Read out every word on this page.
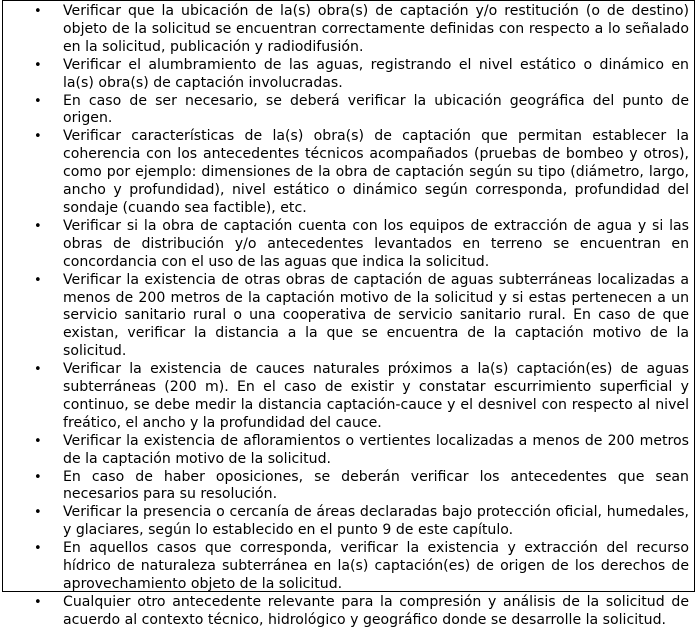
• Verificar que la ubicación de la(s) obra(s) de captación y/o restitución (o de destino) objeto de la solicitud se encuentran correctamente definidas con respecto a lo señalado en la solicitud, publicación y radiodifusión.
• Verificar el alumbramiento de las aguas, registrando el nivel estático o dinámico en la(s) obra(s) de captación involucradas.
• En caso de ser necesario, se deberá verificar la ubicación geográfica del punto de origen.
• Verificar características de la(s) obra(s) de captación que permitan establecer la coherencia con los antecedentes técnicos acompañados (pruebas de bombeo y otros), como por ejemplo: dimensiones de la obra de captación según su tipo (diámetro, largo, ancho y profundidad), nivel estático o dinámico según corresponda, profundidad del sondaje (cuando sea factible), etc.
• Verificar si la obra de captación cuenta con los equipos de extracción de agua y si las obras de distribución y/o antecedentes levantados en terreno se encuentran en concordancia con el uso de las aguas que indica la solicitud.
• Verificar la existencia de otras obras de captación de aguas subterráneas localizadas a menos de 200 metros de la captación motivo de la solicitud y si estas pertenecen a un servicio sanitario rural o una cooperativa de servicio sanitario rural. En caso de que existan, verificar la distancia a la que se encuentra de la captación motivo de la solicitud.
• Verificar la existencia de cauces naturales próximos a la(s) captación(es) de aguas subterráneas (200 m). En el caso de existir y constatar escurrimiento superficial y continuo, se debe medir la distancia captación-cauce y el desnivel con respecto al nivel freático, el ancho y la profundidad del cauce.
• Verificar la existencia de afloramientos o vertientes localizadas a menos de 200 metros de la captación motivo de la solicitud.
• En caso de haber oposiciones, se deberán verificar los antecedentes que sean necesarios para su resolución.
• Verificar la presencia o cercanía de áreas declaradas bajo protección oficial, humedales, y glaciares, según lo establecido en el punto 9 de este capítulo.
• En aquellos casos que corresponda, verificar la existencia y extracción del recurso hídrico de naturaleza subterránea en la(s) captación(es) de origen de los derechos de aprovechamiento objeto de la solicitud.
• Cualquier otro antecedente relevante para la compresión y análisis de la solicitud de acuerdo al contexto técnico, hidrológico y geográfico donde se desarrolle la solicitud.
